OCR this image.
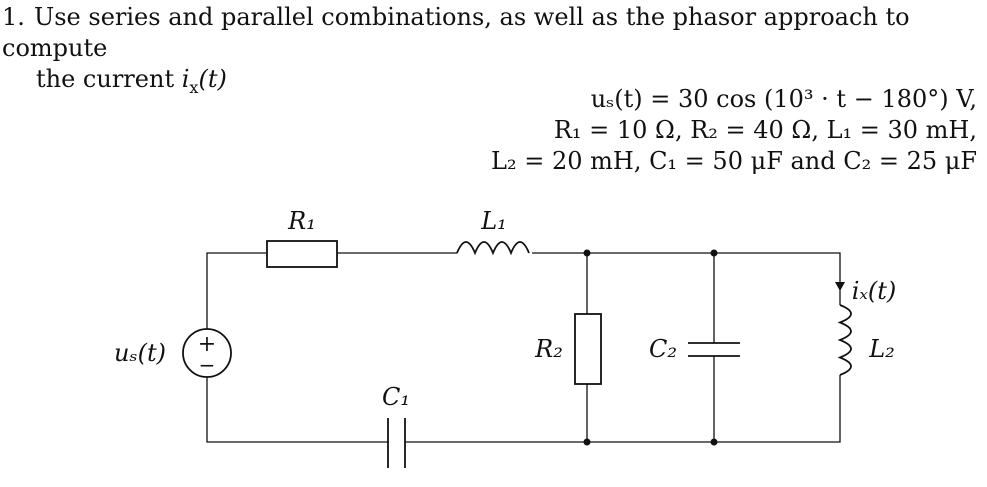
1. Use series and parallel combinations, as well as the phasor approach to compute
the current $i_x(t)$
uₛ(t) = 30 cos (10³ · t − 180°) V,
R₁ = 10 Ω, R₂ = 40 Ω, L₁ = 30 mH,
L₂ = 20 mH, C₁ = 50 μF and C₂ = 25 μF
+
−
R₁	L₁
R₂	C₂
C₁
L₂
uₛ(t)
iₓ(t)
